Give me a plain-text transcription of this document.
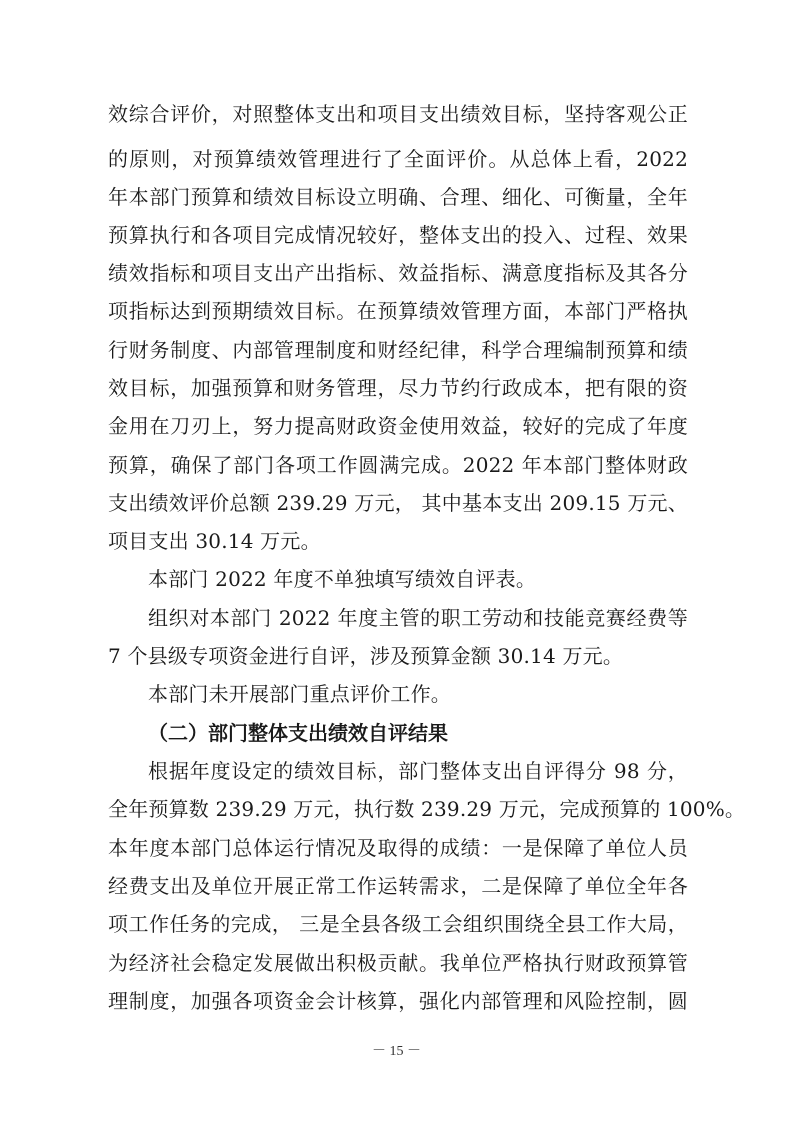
效综合评价，对照整体支出和项目支出绩效目标，坚持客观公正
的原则，对预算绩效管理进行了全面评价。从总体上看，2022
年本部门预算和绩效目标设立明确、合理、细化、可衡量，全年
预算执行和各项目完成情况较好，整体支出的投入、过程、效果
绩效指标和项目支出产出指标、效益指标、满意度指标及其各分
项指标达到预期绩效目标。在预算绩效管理方面，本部门严格执
行财务制度、内部管理制度和财经纪律，科学合理编制预算和绩
效目标，加强预算和财务管理，尽力节约行政成本，把有限的资
金用在刀刃上，努力提高财政资金使用效益，较好的完成了年度
预算，确保了部门各项工作圆满完成。2022 年本部门整体财政
支出绩效评价总额 239.29 万元， 其中基本支出 209.15 万元、
项目支出 30.14 万元。
本部门 2022 年度不单独填写绩效自评表。
组织对本部门 2022 年度主管的职工劳动和技能竞赛经费等
7 个县级专项资金进行自评，涉及预算金额 30.14 万元。
本部门未开展部门重点评价工作。
（二）部门整体支出绩效自评结果
根据年度设定的绩效目标，部门整体支出自评得分 98 分，
全年预算数 239.29 万元，执行数 239.29 万元，完成预算的 100%。
本年度本部门总体运行情况及取得的成绩：一是保障了单位人员
经费支出及单位开展正常工作运转需求，二是保障了单位全年各
项工作任务的完成， 三是全县各级工会组织围绕全县工作大局，
为经济社会稳定发展做出积极贡献。我单位严格执行财政预算管
理制度，加强各项资金会计核算，强化内部管理和风险控制，圆
－ 15 －
